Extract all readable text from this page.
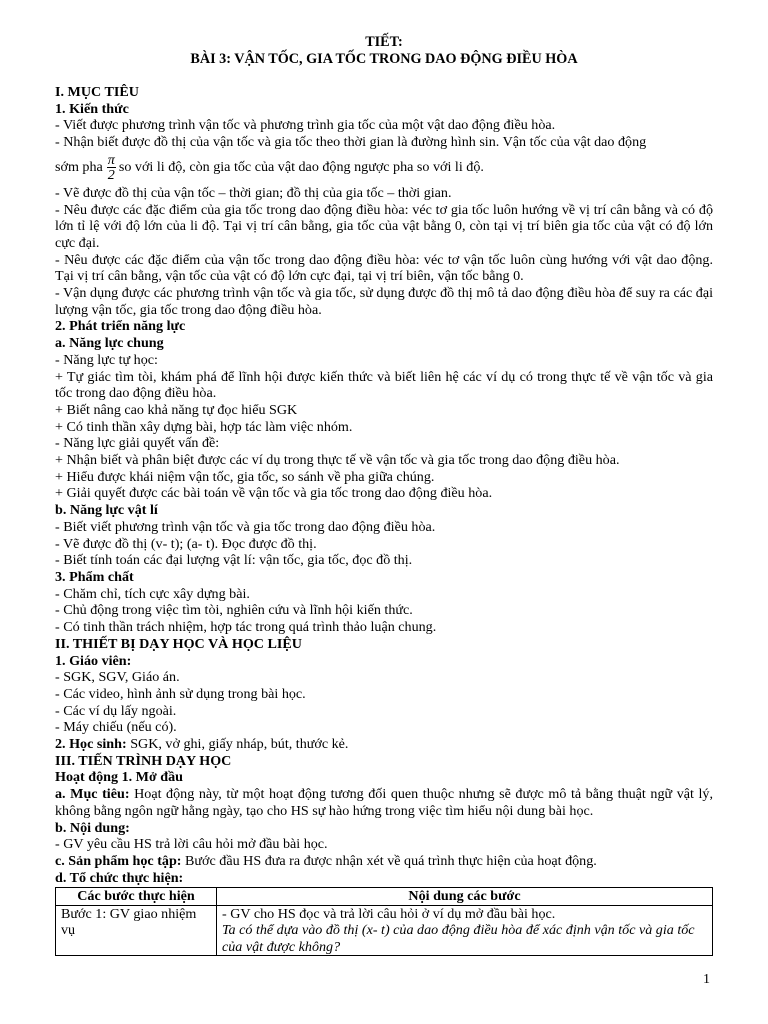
TIẾT:
BÀI 3: VẬN TỐC, GIA TỐC TRONG DAO ĐỘNG ĐIỀU HÒA

I. MỤC TIÊU

1. Kiến thức

- Viết được phương trình vận tốc và phương trình gia tốc của một vật dao động điều hòa.

- Nhận biết được đồ thị của vận tốc và gia tốc theo thời gian là đường hình sin. Vận tốc của vật dao động

sớm pha $\frac{\pi}{2}$ so với li độ, còn gia tốc của vật dao động ngược pha so với li độ.

- Vẽ được đồ thị của vận tốc – thời gian; đồ thị của gia tốc – thời gian.

- Nêu được các đặc điểm của gia tốc trong dao động điều hòa: véc tơ gia tốc luôn hướng về vị trí cân bằng và có độ lớn tỉ lệ với độ lớn của li độ. Tại vị trí cân bằng, gia tốc của vật bằng 0, còn tại vị trí biên gia tốc của vật có độ lớn cực đại.

- Nêu được các đặc điểm của vận tốc trong dao động điều hòa: véc tơ vận tốc luôn cùng hướng với vật dao động. Tại vị trí cân bằng, vận tốc của vật có độ lớn cực đại, tại vị trí biên, vận tốc bằng 0.

- Vận dụng được các phương trình vận tốc và gia tốc, sử dụng được đồ thị mô tả dao động điều hòa để suy ra các đại lượng vận tốc, gia tốc trong dao động điều hòa.

2. Phát triển năng lực

a. Năng lực chung

- Năng lực tự học:

+ Tự giác tìm tòi, khám phá để lĩnh hội được kiến thức và biết liên hệ các ví dụ có trong thực tế về vận tốc và gia tốc trong dao động điều hòa.

+ Biết nâng cao khả năng tự đọc hiểu SGK

+ Có tinh thần xây dựng bài, hợp tác làm việc nhóm.

- Năng lực giải quyết vấn đề:

+ Nhận biết và phân biệt được các ví dụ trong thực tế về vận tốc và gia tốc trong dao động điều hòa.

+ Hiểu được khái niệm vận tốc, gia tốc, so sánh về pha giữa chúng.

+ Giải quyết được các bài toán về vận tốc và gia tốc trong dao động điều hòa.

b. Năng lực vật lí

- Biết viết phương trình vận tốc và gia tốc trong dao động điều hòa.

- Vẽ được đồ thị (v- t); (a- t). Đọc được đồ thị.

- Biết tính toán các đại lượng vật lí: vận tốc, gia tốc, đọc đồ thị.

3. Phẩm chất

- Chăm chỉ, tích cực xây dựng bài.

- Chủ động trong việc tìm tòi, nghiên cứu và lĩnh hội kiến thức.

- Có tinh thần trách nhiệm, hợp tác trong quá trình thảo luận chung.

II. THIẾT BỊ DẠY HỌC VÀ HỌC LIỆU

1. Giáo viên:

- SGK, SGV, Giáo án.

- Các video, hình ảnh sử dụng trong bài học.

- Các ví dụ lấy ngoài.

- Máy chiếu (nếu có).

2. Học sinh: SGK, vở ghi, giấy nháp, bút, thước kẻ.

III. TIẾN TRÌNH DẠY HỌC

Hoạt động 1. Mở đầu

a. Mục tiêu: Hoạt động này, từ một hoạt động tương đối quen thuộc nhưng sẽ được mô tả bằng thuật ngữ vật lý, không bằng ngôn ngữ hằng ngày, tạo cho HS sự hào hứng trong việc tìm hiểu nội dung bài học.

b. Nội dung:

- GV yêu cầu HS trả lời câu hỏi mở đầu bài học.

c. Sản phẩm học tập: Bước đầu HS đưa ra được nhận xét về quá trình thực hiện của hoạt động.

d. Tổ chức thực hiện:

Các bước thực hiện	Nội dung các bước
Bước 1: GV giao nhiệm vụ	- GV cho HS đọc và trả lời câu hỏi ở ví dụ mở đầu bài học.
Ta có thể dựa vào đồ thị (x- t) của dao động điều hòa để xác định vận tốc và gia tốc của vật được không?
1
